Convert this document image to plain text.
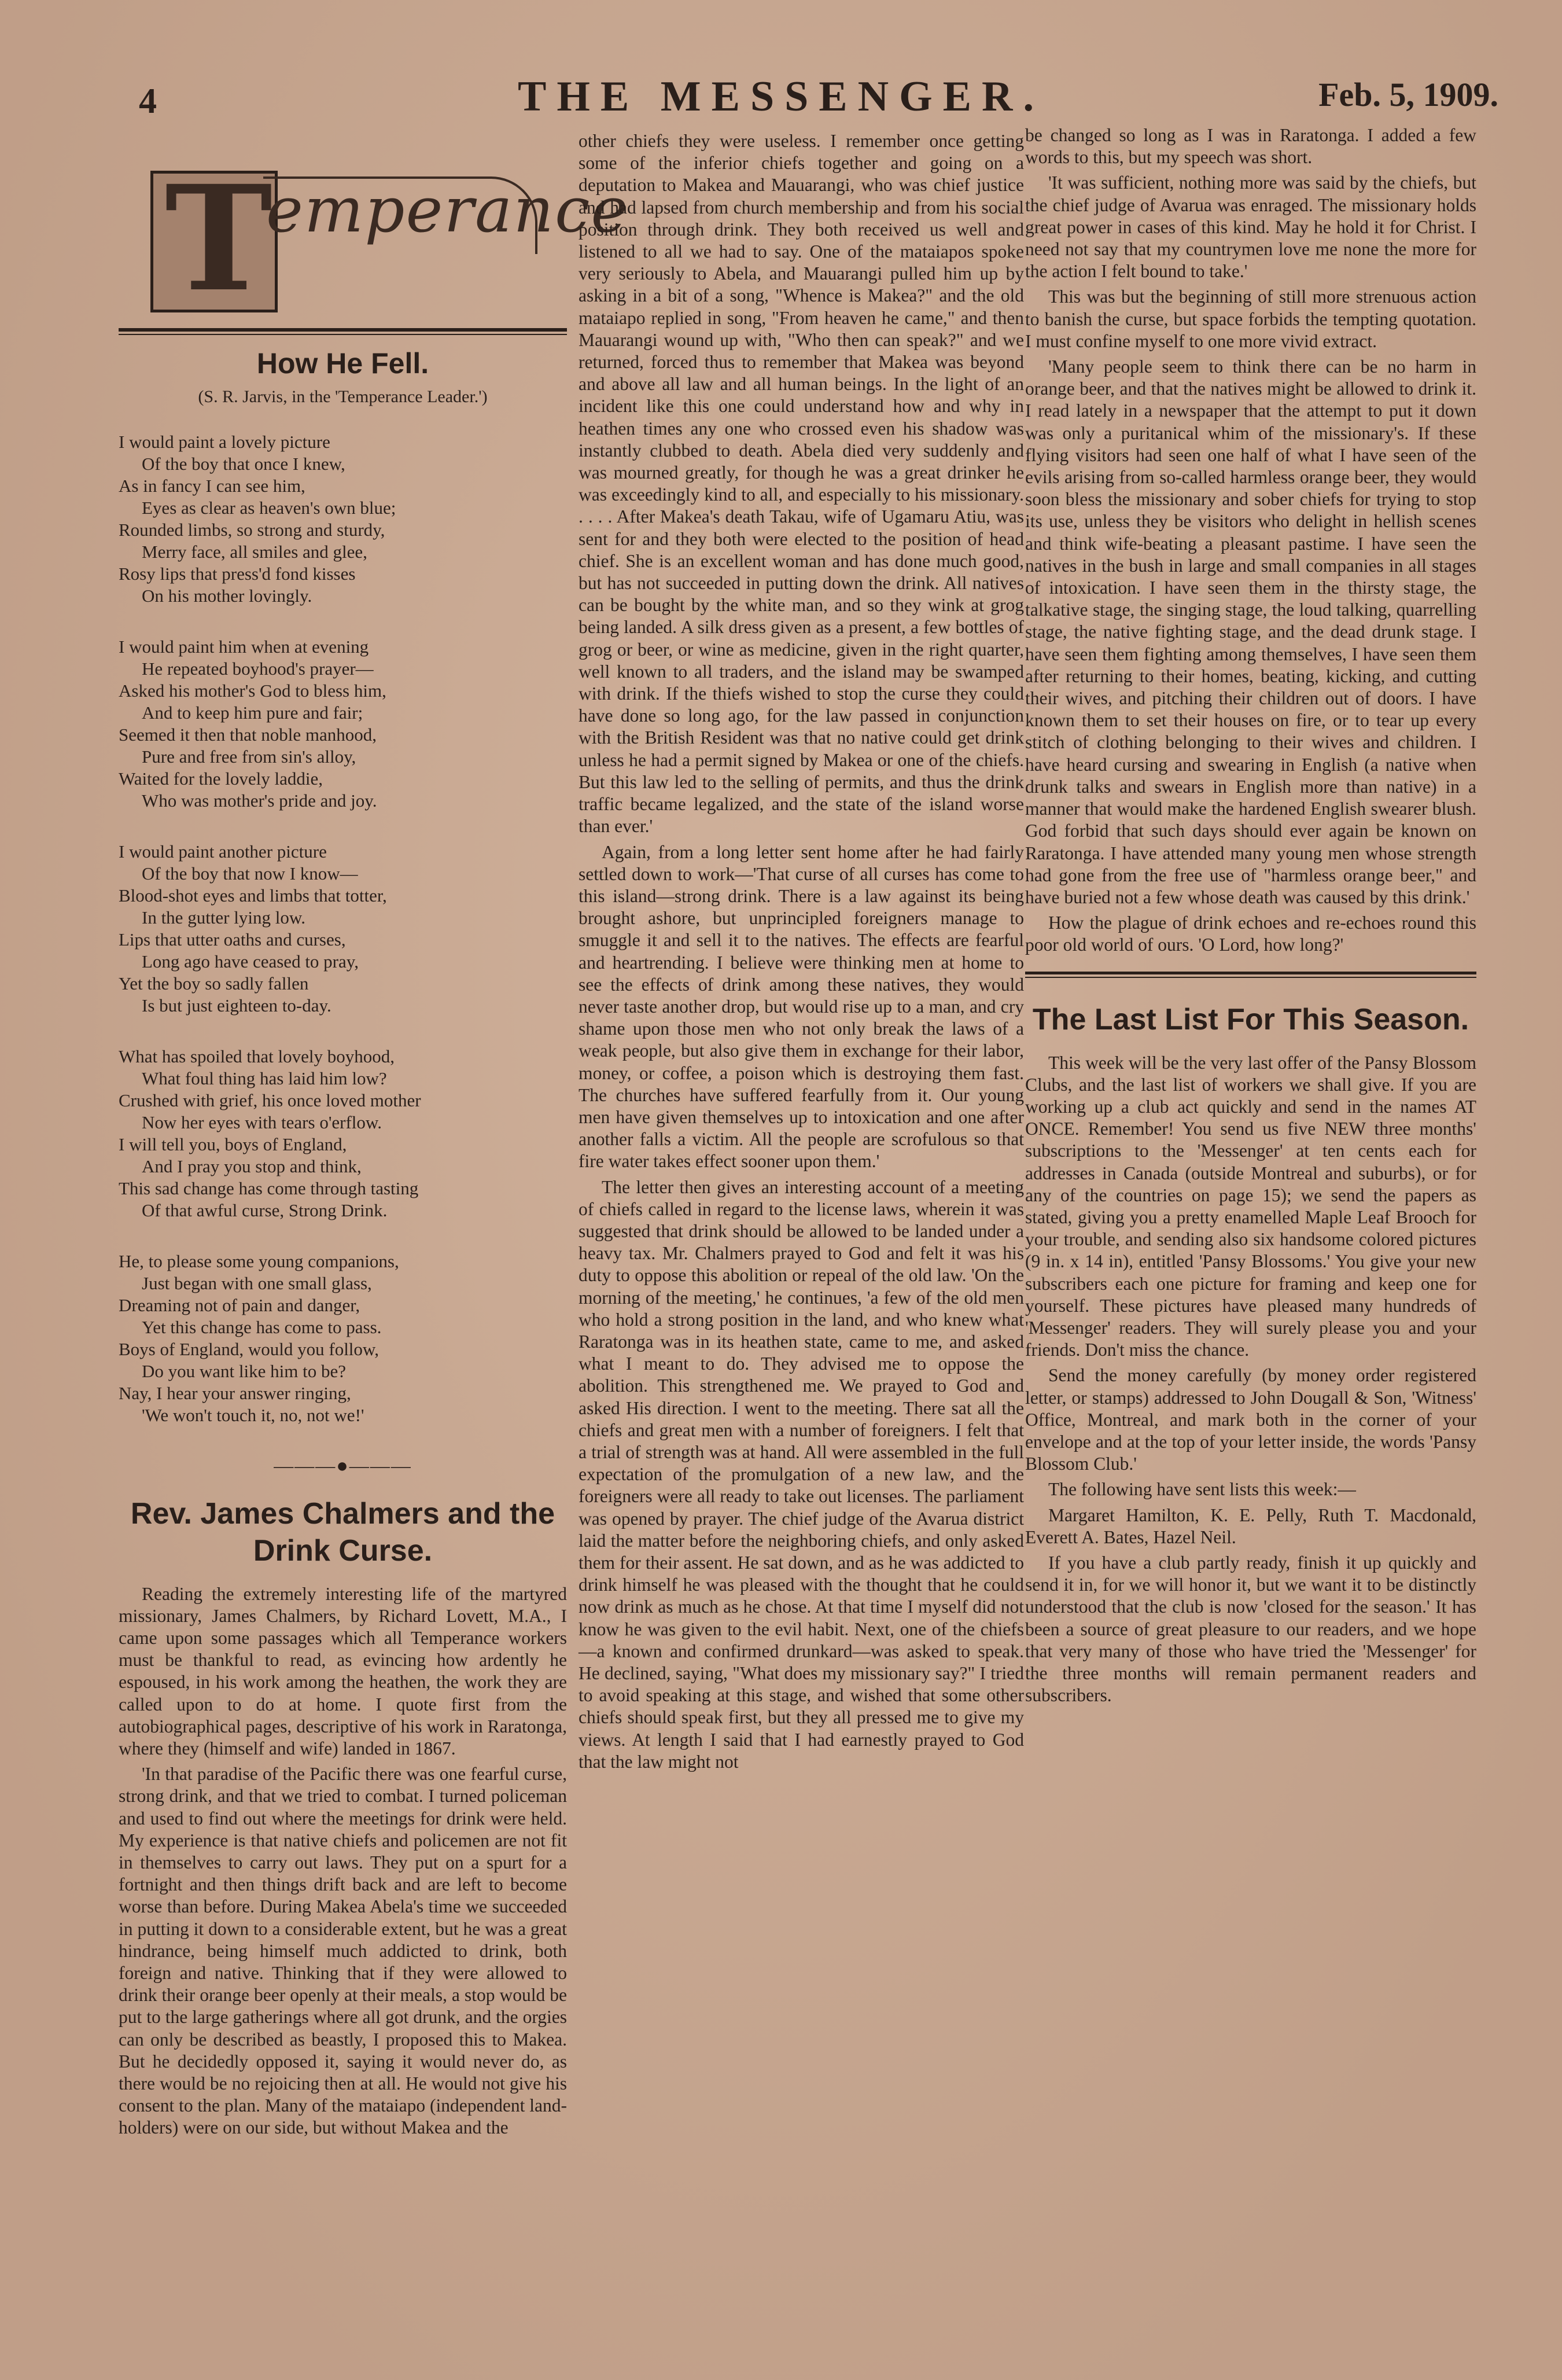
4	THE MESSENGER.	Feb. 5, 1909.
T
emperance
How He Fell.
(S. R. Jarvis, in the 'Temperance Leader.')
I would paint a lovely picture
Of the boy that once I knew,
As in fancy I can see him,
Eyes as clear as heaven's own blue;
Rounded limbs, so strong and sturdy,
Merry face, all smiles and glee,
Rosy lips that press'd fond kisses
On his mother lovingly.
I would paint him when at evening
He repeated boyhood's prayer—
Asked his mother's God to bless him,
And to keep him pure and fair;
Seemed it then that noble manhood,
Pure and free from sin's alloy,
Waited for the lovely laddie,
Who was mother's pride and joy.
I would paint another picture
Of the boy that now I know—
Blood-shot eyes and limbs that totter,
In the gutter lying low.
Lips that utter oaths and curses,
Long ago have ceased to pray,
Yet the boy so sadly fallen
Is but just eighteen to-day.
What has spoiled that lovely boyhood,
What foul thing has laid him low?
Crushed with grief, his once loved mother
Now her eyes with tears o'erflow.
I will tell you, boys of England,
And I pray you stop and think,
This sad change has come through tasting
Of that awful curse, Strong Drink.
He, to please some young companions,
Just began with one small glass,
Dreaming not of pain and danger,
Yet this change has come to pass.
Boys of England, would you follow,
Do you want like him to be?
Nay, I hear your answer ringing,
'We won't touch it, no, not we!'
———●———
Rev. James Chalmers and the Drink Curse.

Reading the extremely interesting life of the martyred missionary, James Chalmers, by Richard Lovett, M.A., I came upon some passages which all Temperance workers must be thankful to read, as evincing how ardently he espoused, in his work among the heathen, the work they are called upon to do at home. I quote first from the autobiographical pages, descriptive of his work in Raratonga, where they (himself and wife) landed in 1867.

'In that paradise of the Pacific there was one fearful curse, strong drink, and that we tried to combat. I turned policeman and used to find out where the meetings for drink were held. My experience is that native chiefs and policemen are not fit in themselves to carry out laws. They put on a spurt for a fortnight and then things drift back and are left to become worse than before. During Makea Abela's time we succeeded in putting it down to a considerable extent, but he was a great hindrance, being himself much addicted to drink, both foreign and native. Thinking that if they were allowed to drink their orange beer openly at their meals, a stop would be put to the large gatherings where all got drunk, and the orgies can only be described as beastly, I proposed this to Makea. But he decidedly opposed it, saying it would never do, as there would be no rejoicing then at all. He would not give his consent to the plan. Many of the mataiapo (independent land-holders) were on our side, but without Makea and the

other chiefs they were useless. I remember once getting some of the inferior chiefs together and going on a deputation to Makea and Mauarangi, who was chief justice and had lapsed from church membership and from his social position through drink. They both received us well and listened to all we had to say. One of the mataiapos spoke very seriously to Abela, and Mauarangi pulled him up by asking in a bit of a song, "Whence is Makea?" and the old mataiapo replied in song, "From heaven he came," and then Mauarangi wound up with, "Who then can speak?" and we returned, forced thus to remember that Makea was beyond and above all law and all human beings. In the light of an incident like this one could understand how and why in heathen times any one who crossed even his shadow was instantly clubbed to death. Abela died very suddenly and was mourned greatly, for though he was a great drinker he was exceedingly kind to all, and especially to his missionary. . . . . After Makea's death Takau, wife of Ugamaru Atiu, was sent for and they both were elected to the position of head chief. She is an excellent woman and has done much good, but has not succeeded in putting down the drink. All natives can be bought by the white man, and so they wink at grog being landed. A silk dress given as a present, a few bottles of grog or beer, or wine as medicine, given in the right quarter, well known to all traders, and the island may be swamped with drink. If the thiefs wished to stop the curse they could have done so long ago, for the law passed in conjunction with the British Resident was that no native could get drink unless he had a permit signed by Makea or one of the chiefs. But this law led to the selling of permits, and thus the drink traffic became legalized, and the state of the island worse than ever.'

Again, from a long letter sent home after he had fairly settled down to work—'That curse of all curses has come to this island—strong drink. There is a law against its being brought ashore, but unprincipled foreigners manage to smuggle it and sell it to the natives. The effects are fearful and heartrending. I believe were thinking men at home to see the effects of drink among these natives, they would never taste another drop, but would rise up to a man, and cry shame upon those men who not only break the laws of a weak people, but also give them in exchange for their labor, money, or coffee, a poison which is destroying them fast. The churches have suffered fearfully from it. Our young men have given themselves up to intoxication and one after another falls a victim. All the people are scrofulous so that fire water takes effect sooner upon them.'

The letter then gives an interesting account of a meeting of chiefs called in regard to the license laws, wherein it was suggested that drink should be allowed to be landed under a heavy tax. Mr. Chalmers prayed to God and felt it was his duty to oppose this abolition or repeal of the old law. 'On the morning of the meeting,' he continues, 'a few of the old men who hold a strong position in the land, and who knew what Raratonga was in its heathen state, came to me, and asked what I meant to do. They advised me to oppose the abolition. This strengthened me. We prayed to God and asked His direction. I went to the meeting. There sat all the chiefs and great men with a number of foreigners. I felt that a trial of strength was at hand. All were assembled in the full expectation of the promulgation of a new law, and the foreigners were all ready to take out licenses. The parliament was opened by prayer. The chief judge of the Avarua district laid the matter before the neighboring chiefs, and only asked them for their assent. He sat down, and as he was addicted to drink himself he was pleased with the thought that he could now drink as much as he chose. At that time I myself did not know he was given to the evil habit. Next, one of the chiefs—a known and confirmed drunkard—was asked to speak. He declined, saying, "What does my missionary say?" I tried to avoid speaking at this stage, and wished that some other chiefs should speak first, but they all pressed me to give my views. At length I said that I had earnestly prayed to God that the law might not

be changed so long as I was in Raratonga. I added a few words to this, but my speech was short.

'It was sufficient, nothing more was said by the chiefs, but the chief judge of Avarua was enraged. The missionary holds great power in cases of this kind. May he hold it for Christ. I need not say that my countrymen love me none the more for the action I felt bound to take.'

This was but the beginning of still more strenuous action to banish the curse, but space forbids the tempting quotation. I must confine myself to one more vivid extract.

'Many people seem to think there can be no harm in orange beer, and that the natives might be allowed to drink it. I read lately in a newspaper that the attempt to put it down was only a puritanical whim of the missionary's. If these flying visitors had seen one half of what I have seen of the evils arising from so-called harmless orange beer, they would soon bless the missionary and sober chiefs for trying to stop its use, unless they be visitors who delight in hellish scenes and think wife-beating a pleasant pastime. I have seen the natives in the bush in large and small companies in all stages of intoxication. I have seen them in the thirsty stage, the talkative stage, the singing stage, the loud talking, quarrelling stage, the native fighting stage, and the dead drunk stage. I have seen them fighting among themselves, I have seen them after returning to their homes, beating, kicking, and cutting their wives, and pitching their children out of doors. I have known them to set their houses on fire, or to tear up every stitch of clothing belonging to their wives and children. I have heard cursing and swearing in English (a native when drunk talks and swears in English more than native) in a manner that would make the hardened English swearer blush. God forbid that such days should ever again be known on Raratonga. I have attended many young men whose strength had gone from the free use of "harmless orange beer," and have buried not a few whose death was caused by this drink.'

How the plague of drink echoes and re-echoes round this poor old world of ours. 'O Lord, how long?'

The Last List For This Season.

This week will be the very last offer of the Pansy Blossom Clubs, and the last list of workers we shall give. If you are working up a club act quickly and send in the names AT ONCE. Remember! You send us five NEW three months' subscriptions to the 'Messenger' at ten cents each for addresses in Canada (outside Montreal and suburbs), or for any of the countries on page 15); we send the papers as stated, giving you a pretty enamelled Maple Leaf Brooch for your trouble, and sending also six handsome colored pictures (9 in. x 14 in), entitled 'Pansy Blossoms.' You give your new subscribers each one picture for framing and keep one for yourself. These pictures have pleased many hundreds of 'Messenger' readers. They will surely please you and your friends. Don't miss the chance.

Send the money carefully (by money order registered letter, or stamps) addressed to John Dougall & Son, 'Witness' Office, Montreal, and mark both in the corner of your envelope and at the top of your letter inside, the words 'Pansy Blossom Club.'

The following have sent lists this week:—

Margaret Hamilton, K. E. Pelly, Ruth T. Macdonald, Everett A. Bates, Hazel Neil.

If you have a club partly ready, finish it up quickly and send it in, for we will honor it, but we want it to be distinctly understood that the club is now 'closed for the season.' It has been a source of great pleasure to our readers, and we hope that very many of those who have tried the 'Messenger' for the three months will remain permanent readers and subscribers.
